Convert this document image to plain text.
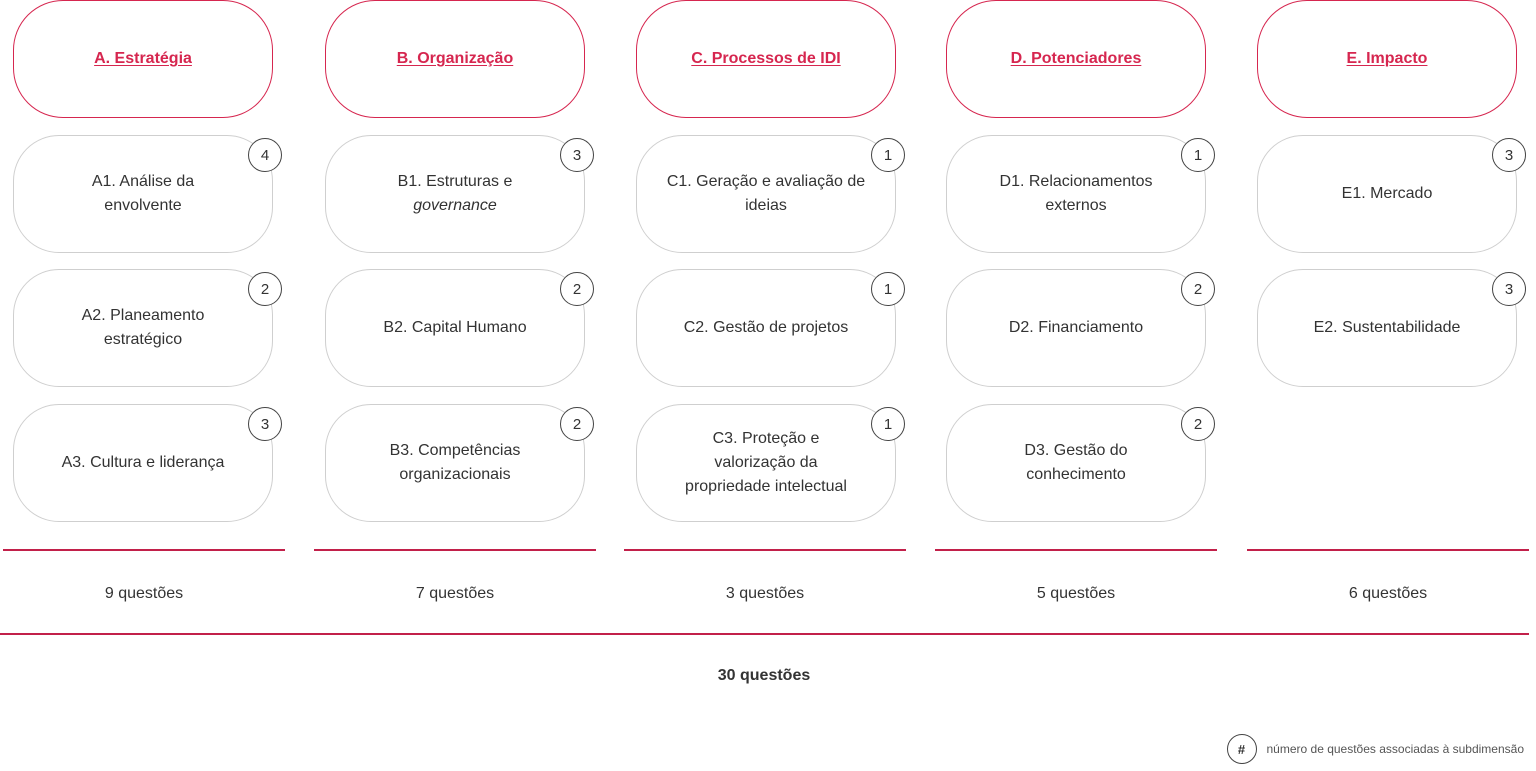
A. Estratégia
A1. Análise da envolvente
4
A2. Planeamento estratégico
2
A3. Cultura e liderança
3
9 questões
B. Organização
B1. Estruturas e
governance
3
B2. Capital Humano
2
B3. Competências organizacionais
2
7 questões
C. Processos de IDI
C1. Geração e avaliação de ideias
1
C2. Gestão de projetos
1
C3. Proteção e valorização da propriedade intelectual
1
3 questões
D. Potenciadores
D1. Relacionamentos externos
1
D2. Financiamento
2
D3. Gestão do conhecimento
2
5 questões
E. Impacto
E1. Mercado
3
E2. Sustentabilidade
3
6 questões
30 questões
#	número de questões associadas à subdimensão
